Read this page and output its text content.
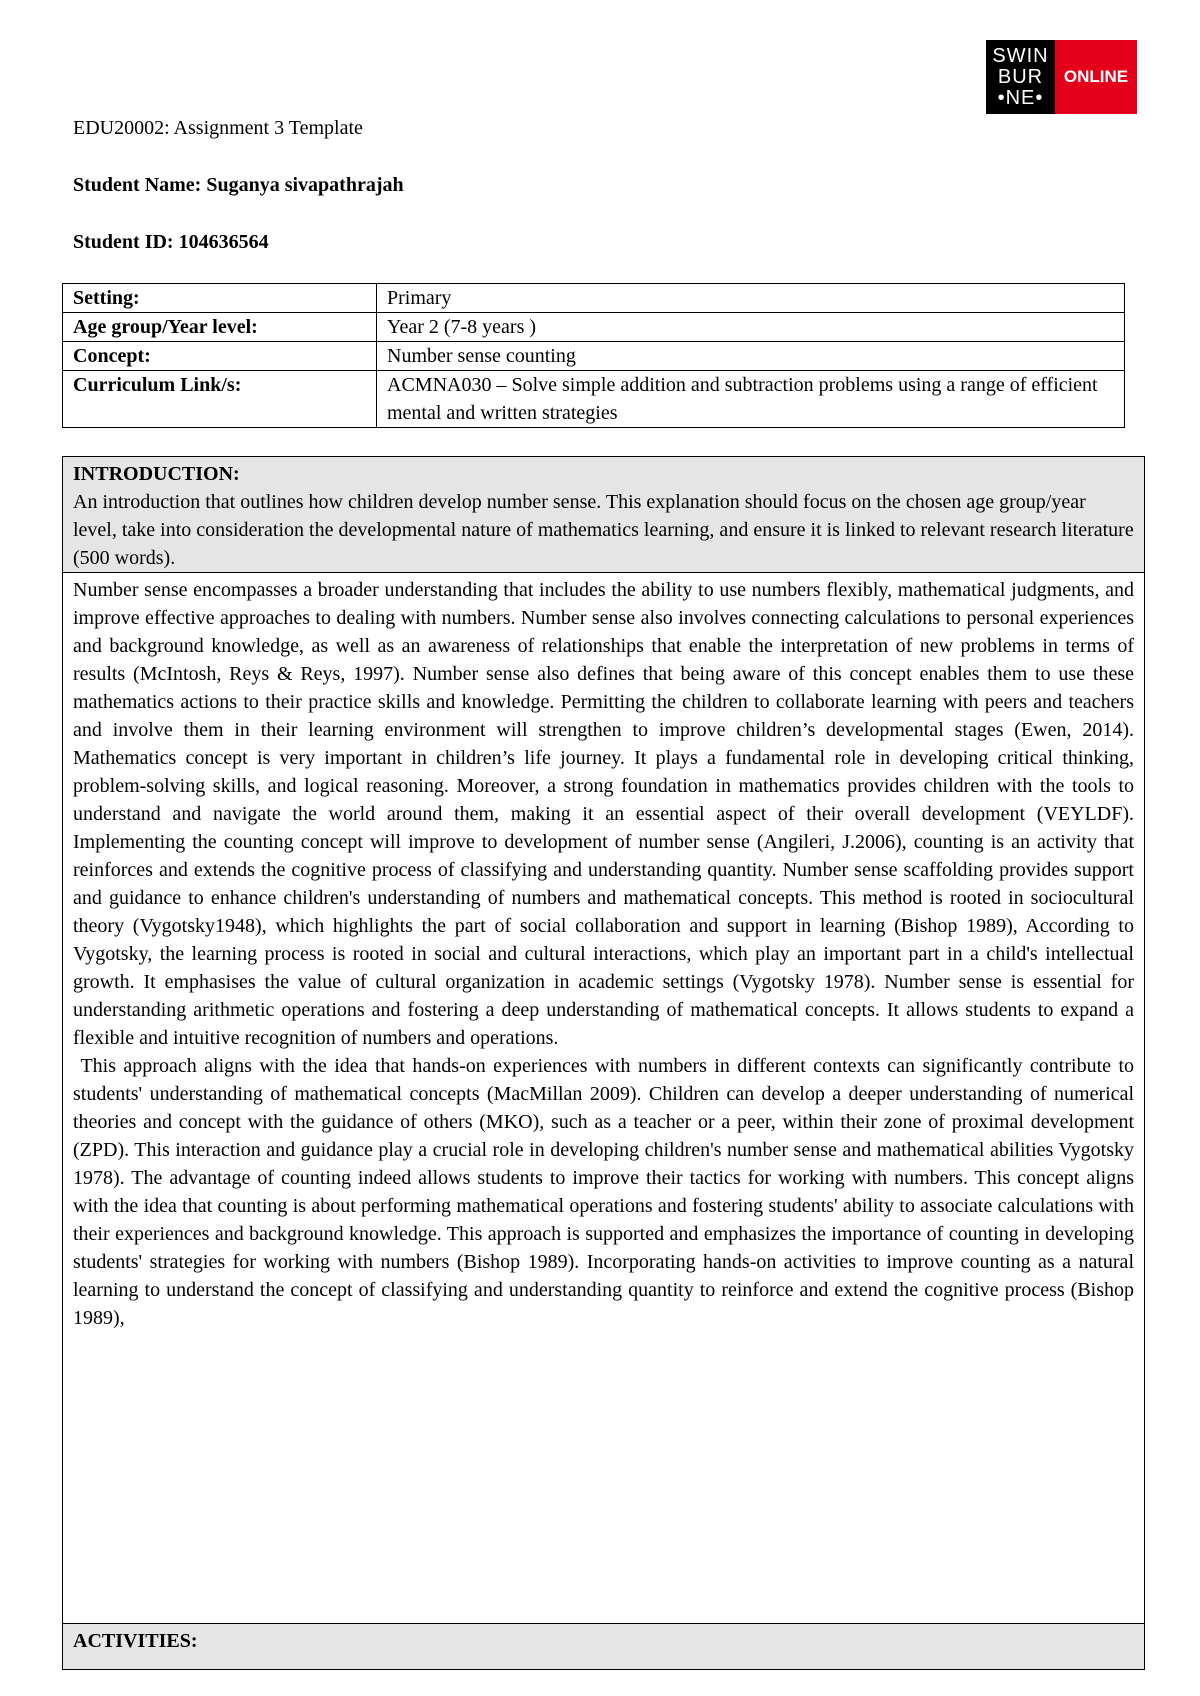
SWIN
BUR
•NE•
ONLINE
EDU20002: Assignment 3 Template
Student Name: Suganya sivapathrajah
Student ID: 104636564
Setting:	Primary
Age group/Year level:	Year 2 (7-8 years )
Concept:	Number sense counting
Curriculum Link/s:	ACMNA030 – Solve simple addition and subtraction problems using a range of efficient mental and written strategies
INTRODUCTION:
An introduction that outlines how children develop number sense. This explanation should focus on the chosen age group/year level, take into consideration the developmental nature of mathematics learning, and ensure it is linked to relevant research literature (500 words).

Number sense encompasses a broader understanding that includes the ability to use numbers flexibly, mathematical judgments, and improve effective approaches to dealing with numbers. Number sense also involves connecting calculations to personal experiences and background knowledge, as well as an awareness of relationships that enable the interpretation of new problems in terms of results (McIntosh, Reys & Reys, 1997). Number sense also defines that being aware of this concept enables them to use these mathematics actions to their practice skills and knowledge. Permitting the children to collaborate learning with peers and teachers and involve them in their learning environment will strengthen to improve children’s developmental stages (Ewen, 2014). Mathematics concept is very important in children’s life journey. It plays a fundamental role in developing critical thinking, problem-solving skills, and logical reasoning. Moreover, a strong foundation in mathematics provides children with the tools to understand and navigate the world around them, making it an essential aspect of their overall development (VEYLDF). Implementing the counting concept will improve to development of number sense (Angileri, J.2006), counting is an activity that reinforces and extends the cognitive process of classifying and understanding quantity. Number sense scaffolding provides support and guidance to enhance children's understanding of numbers and mathematical concepts. This method is rooted in sociocultural theory (Vygotsky1948), which highlights the part of social collaboration and support in learning (Bishop 1989), According to Vygotsky, the learning process is rooted in social and cultural interactions, which play an important part in a child's intellectual growth. It emphasises the value of cultural organization in academic settings (Vygotsky 1978). Number sense is essential for understanding arithmetic operations and fostering a deep understanding of mathematical concepts. It allows students to expand a flexible and intuitive recognition of numbers and operations.

This approach aligns with the idea that hands-on experiences with numbers in different contexts can significantly contribute to students' understanding of mathematical concepts (MacMillan 2009). Children can develop a deeper understanding of numerical theories and concept with the guidance of others (MKO), such as a teacher or a peer, within their zone of proximal development (ZPD). This interaction and guidance play a crucial role in developing children's number sense and mathematical abilities Vygotsky 1978). The advantage of counting indeed allows students to improve their tactics for working with numbers. This concept aligns with the idea that counting is about performing mathematical operations and fostering students' ability to associate calculations with their experiences and background knowledge. This approach is supported and emphasizes the importance of counting in developing students' strategies for working with numbers (Bishop 1989). Incorporating hands-on activities to improve counting as a natural learning to understand the concept of classifying and understanding quantity to reinforce and extend the cognitive process (Bishop 1989),

ACTIVITIES:
